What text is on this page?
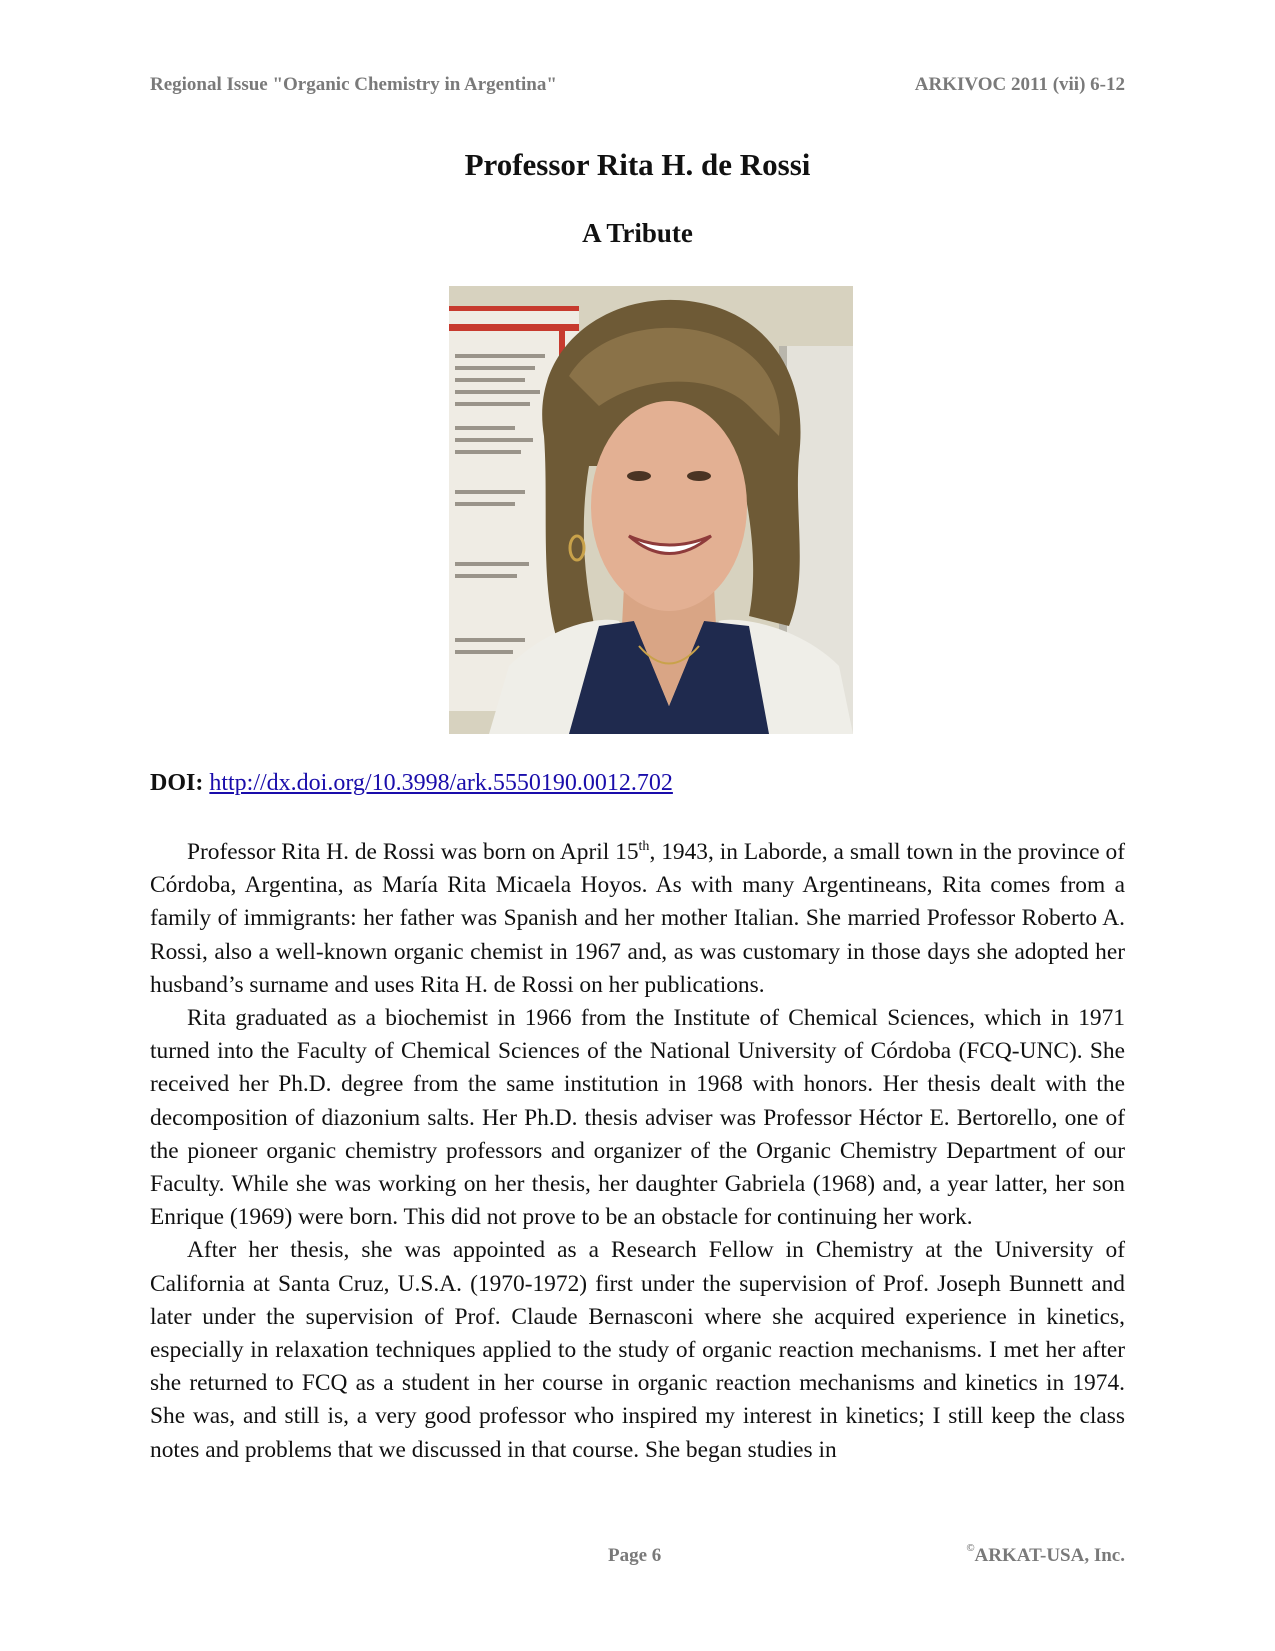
Regional Issue "Organic Chemistry in Argentina"	ARKIVOC 2011 (vii) 6-12
Professor Rita H. de Rossi
A Tribute
DOI: http://dx.doi.org/10.3998/ark.5550190.0012.702

Professor Rita H. de Rossi was born on April 15th, 1943, in Laborde, a small town in the province of Córdoba, Argentina, as María Rita Micaela Hoyos. As with many Argentineans, Rita comes from a family of immigrants: her father was Spanish and her mother Italian. She married Professor Roberto A. Rossi, also a well-known organic chemist in 1967 and, as was customary in those days she adopted her husband’s surname and uses Rita H. de Rossi on her publications.

Rita graduated as a biochemist in 1966 from the Institute of Chemical Sciences, which in 1971 turned into the Faculty of Chemical Sciences of the National University of Córdoba (FCQ-UNC). She received her Ph.D. degree from the same institution in 1968 with honors. Her thesis dealt with the decomposition of diazonium salts. Her Ph.D. thesis adviser was Professor Héctor E. Bertorello, one of the pioneer organic chemistry professors and organizer of the Organic Chemistry Department of our Faculty. While she was working on her thesis, her daughter Gabriela (1968) and, a year latter, her son Enrique (1969) were born. This did not prove to be an obstacle for continuing her work.

After her thesis, she was appointed as a Research Fellow in Chemistry at the University of California at Santa Cruz, U.S.A. (1970-1972) first under the supervision of Prof. Joseph Bunnett and later under the supervision of Prof. Claude Bernasconi where she acquired experience in kinetics, especially in relaxation techniques applied to the study of organic reaction mechanisms. I met her after she returned to FCQ as a student in her course in organic reaction mechanisms and kinetics in 1974. She was, and still is, a very good professor who inspired my interest in kinetics; I still keep the class notes and problems that we discussed in that course. She began studies in

Page 6	©ARKAT-USA, Inc.
